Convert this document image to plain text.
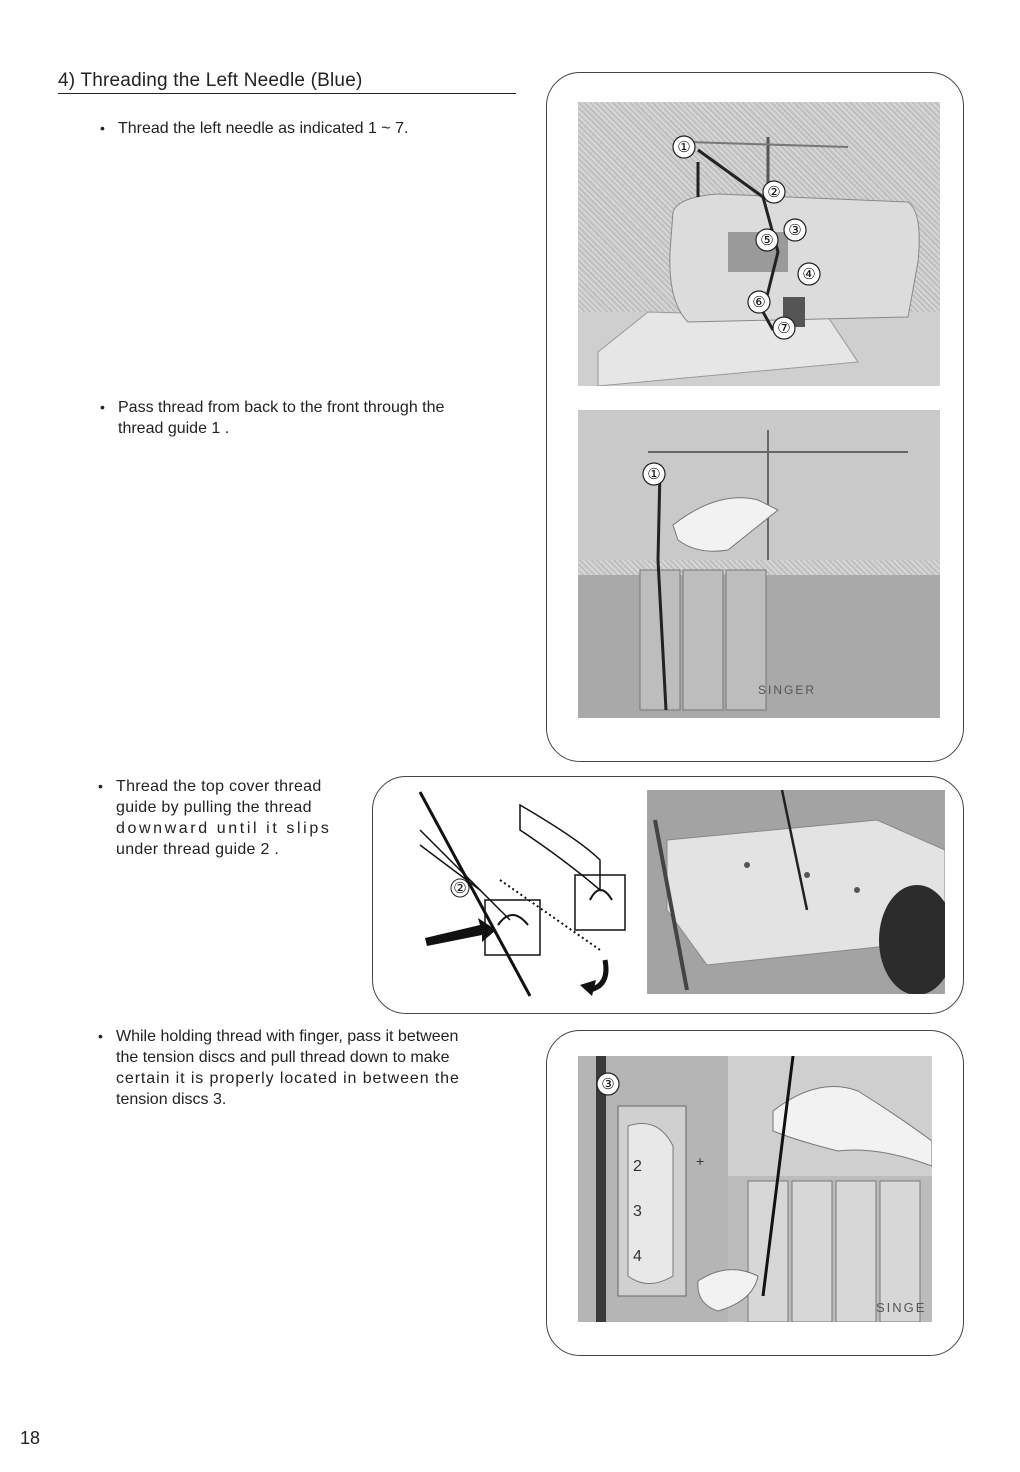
4) Threading the Left Needle (Blue)
• Thread the left needle as indicated 1 ~ 7.
• Pass thread from back to the front through the
thread guide 1 .
• Thread the top cover thread
guide by pulling the thread
downward until it slips
under thread guide 2 .
• While holding thread with finger, pass it between
the tension discs and pull thread down to make
certain it is properly located in between the
tension discs 3.
①
②
③
⑤
④
⑥
⑦
①
SINGER
②
2
3
4
+
SINGE
③
18
